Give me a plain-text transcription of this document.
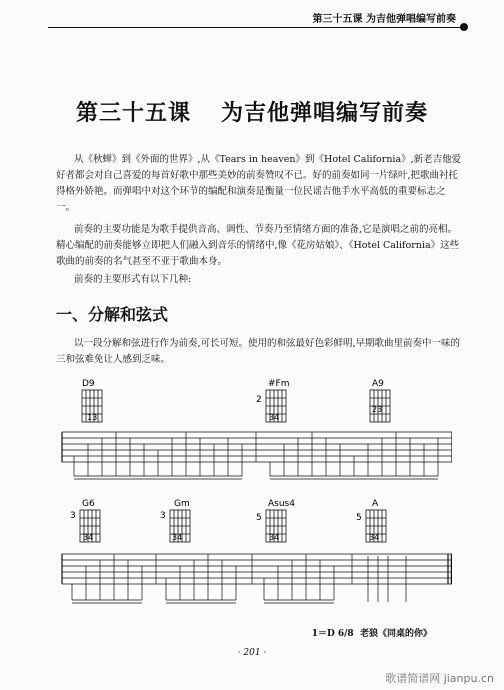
第三十五课 为吉他弹唱编写前奏
第三十五课 为吉他弹唱编写前奏
从《秋蝉》到《外面的世界》,从《Tears in heaven》到《Hotel California》,新老吉他爱好者都会对自己喜爱的每首好歌中那些美妙的前奏赞叹不已。好的前奏如同一片绿叶,把歌曲衬托得格外娇艳。而弹唱中对这个环节的编配和演奏是衡量一位民谣吉他手水平高低的重要标志之一。
前奏的主要功能是为歌手提供音高、调性、节奏乃至情绪方面的准备,它是演唱之前的亮相。精心编配的前奏能够立即把人们融入到音乐的情绪中,像《花房姑娘》、《Hotel California》这些歌曲的前奏的名气甚至不亚于歌曲本身。
前奏的主要形式有以下几种:
一、分解和弦式
以一段分解和弦进行作为前奏,可长可短。使用的和弦最好色彩鲜明,早期歌曲里前奏中一味的三和弦难免让人感到乏味。
D9
13
#Fm
2
34
A9
23
G6
3
34
Gm
3
34
Asus4
5
34
A
5
34
1＝D 6/8 老狼《同桌的你》
· 201 ·
歌谱简谱网 jianpu.cn
